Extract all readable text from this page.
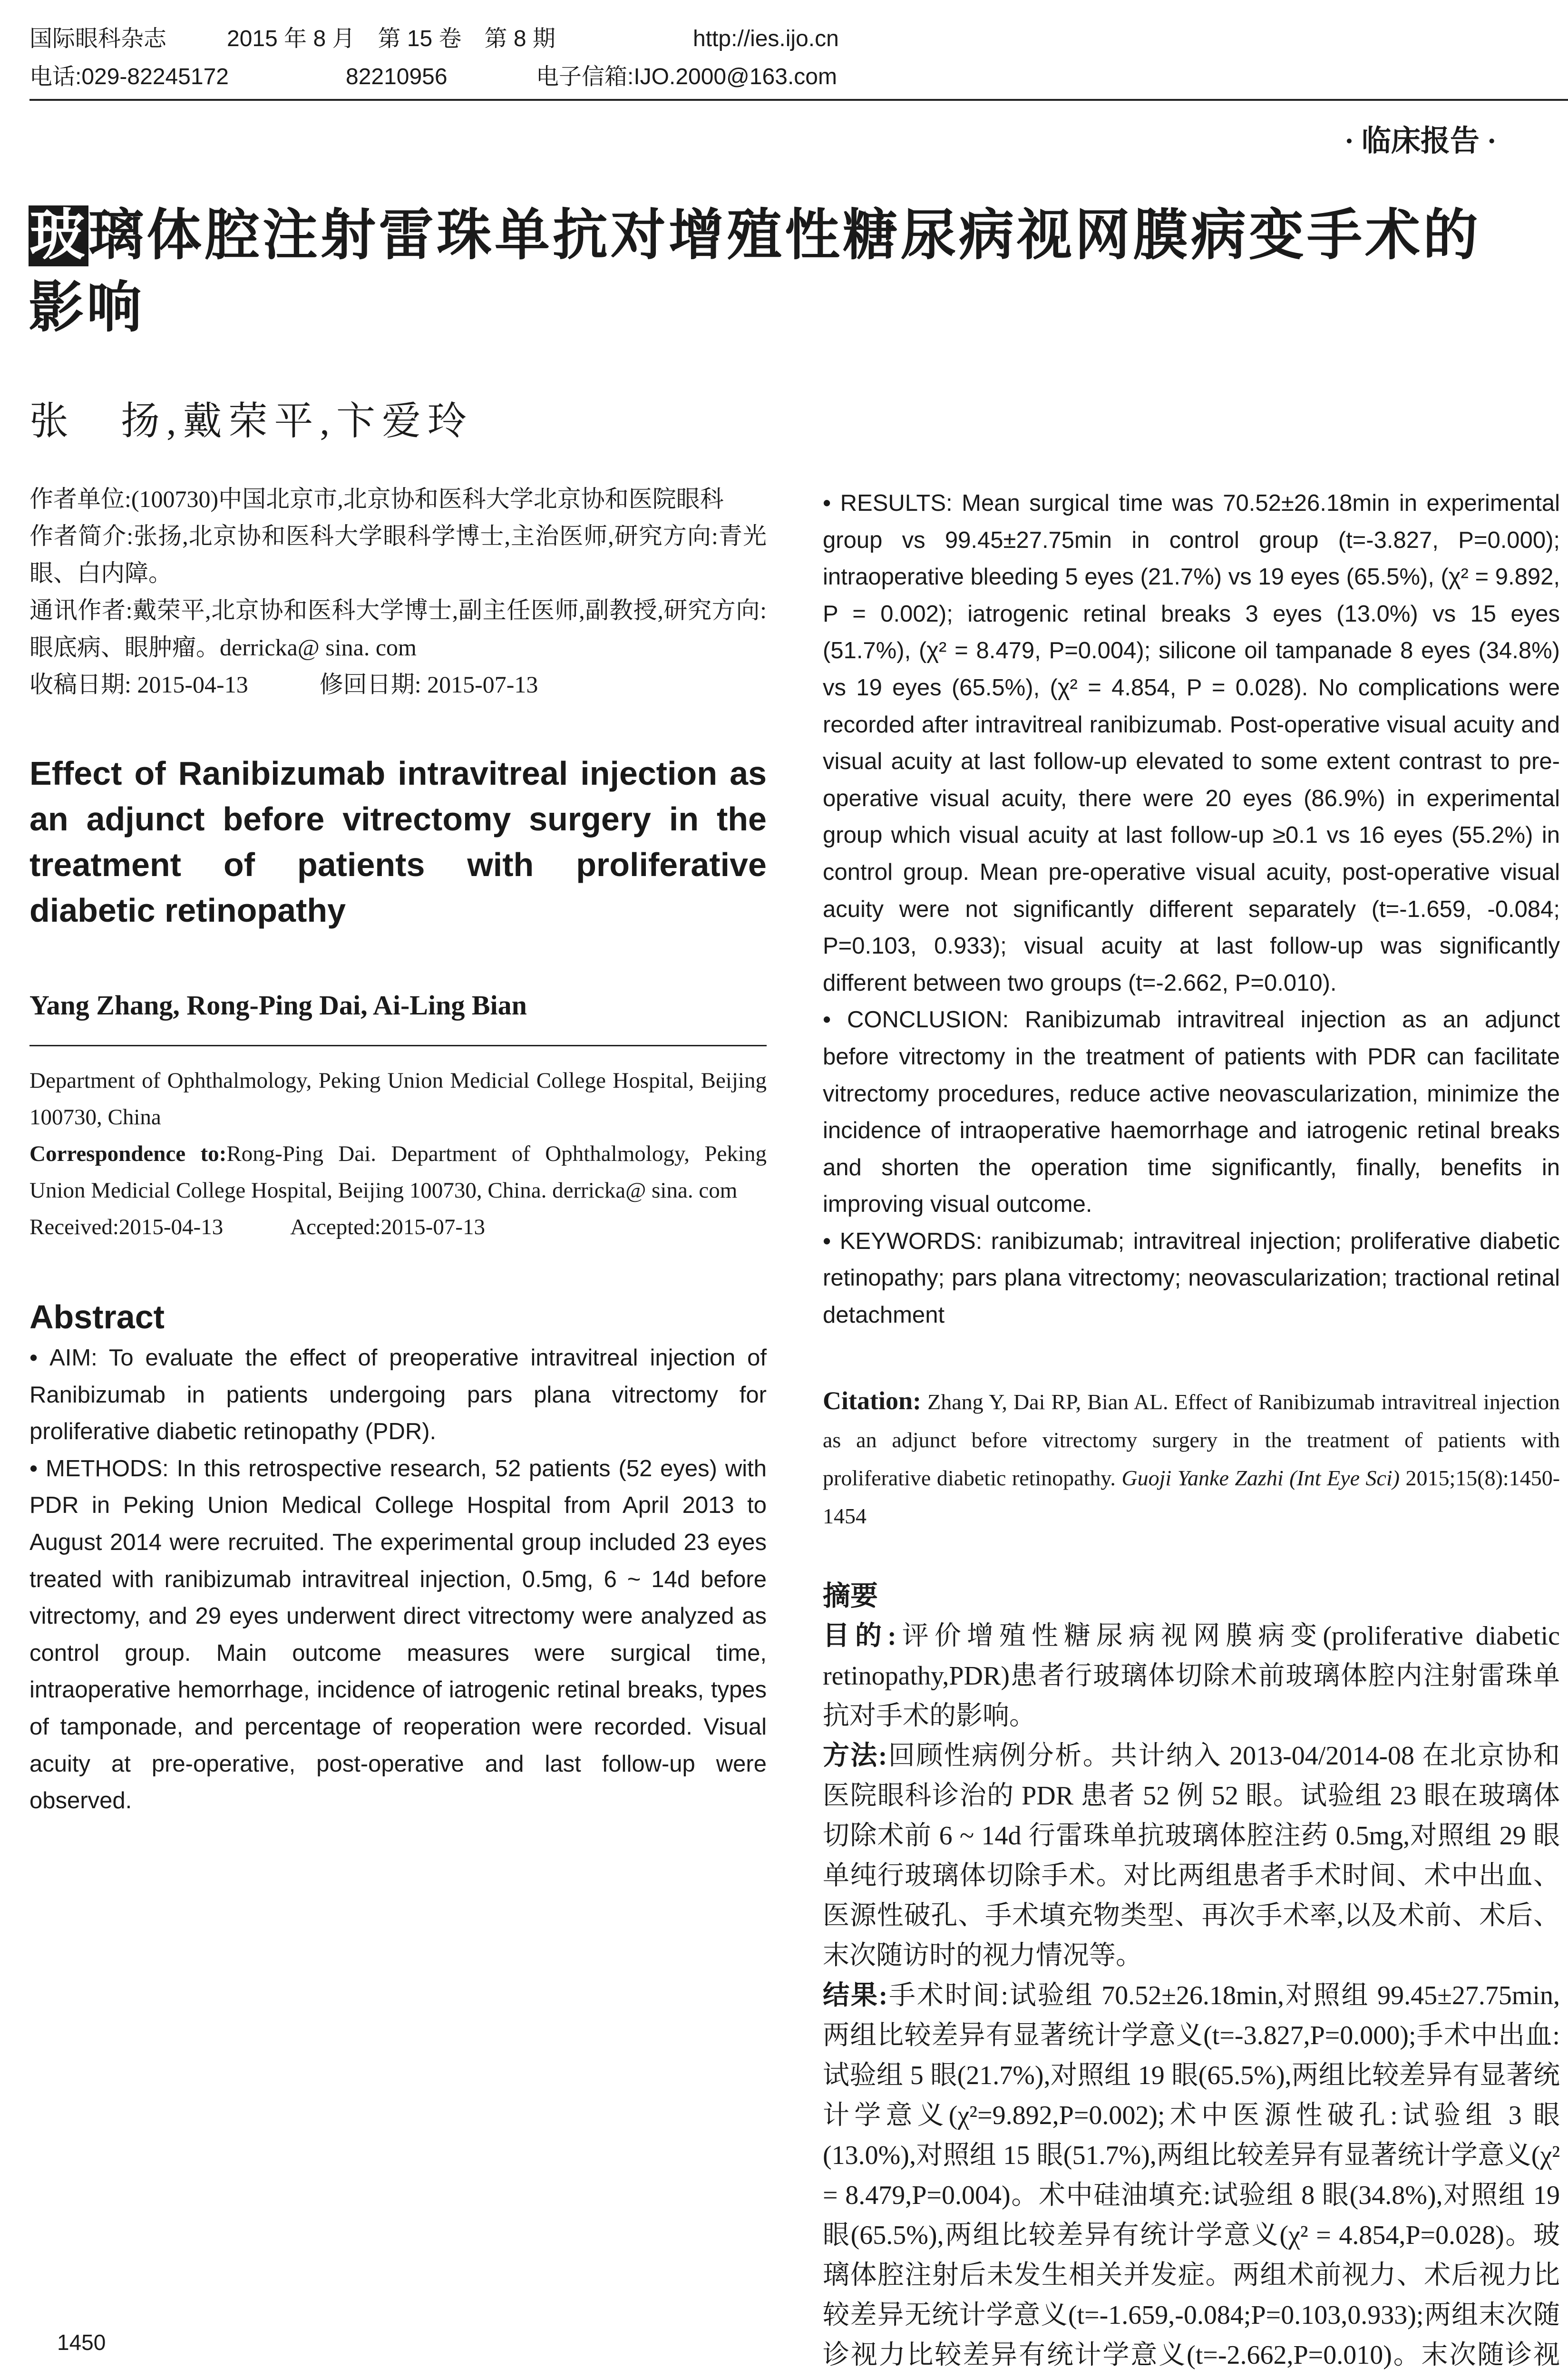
国际眼科杂志	2015 年 8 月　第 15 卷　第 8 期	http://ies.ijo.cn
电话:029-82245172	82210956	电子信箱:IJO.2000@163.com
· 临床报告 ·
玻璃体腔注射雷珠单抗对增殖性糖尿病视网膜病变手术的影响
张　扬,戴荣平,卞爱玲

作者单位:(100730)中国北京市,北京协和医科大学北京协和医院眼科

作者简介:张扬,北京协和医科大学眼科学博士,主治医师,研究方向:青光眼、白内障。

通讯作者:戴荣平,北京协和医科大学博士,副主任医师,副教授,研究方向:眼底病、眼肿瘤。derricka@ sina. com

收稿日期: 2015-04-13　　　修回日期: 2015-07-13

Effect of Ranibizumab intravitreal injection as an adjunct before vitrectomy surgery in the treatment of patients with proliferative diabetic retinopathy
Yang Zhang, Rong-Ping Dai, Ai-Ling Bian

Department of Ophthalmology, Peking Union Medicial College Hospital, Beijing 100730, China

Correspondence to:Rong-Ping Dai. Department of Ophthalmology, Peking Union Medicial College Hospital, Beijing 100730, China. derricka@ sina. com

Received:2015-04-13　　　Accepted:2015-07-13

Abstract

• AIM: To evaluate the effect of preoperative intravitreal injection of Ranibizumab in patients undergoing pars plana vitrectomy for proliferative diabetic retinopathy (PDR).

• METHODS: In this retrospective research, 52 patients (52 eyes) with PDR in Peking Union Medical College Hospital from April 2013 to August 2014 were recruited. The experimental group included 23 eyes treated with ranibizumab intravitreal injection, 0.5mg, 6 ~ 14d before vitrectomy, and 29 eyes underwent direct vitrectomy were analyzed as control group. Main outcome measures were surgical time, intraoperative hemorrhage, incidence of iatrogenic retinal breaks, types of tamponade, and percentage of reoperation were recorded. Visual acuity at pre-operative, post-operative and last follow-up were observed.

• RESULTS: Mean surgical time was 70.52±26.18min in experimental group vs 99.45±27.75min in control group (t=-3.827, P=0.000); intraoperative bleeding 5 eyes (21.7%) vs 19 eyes (65.5%), (χ² = 9.892, P = 0.002); iatrogenic retinal breaks 3 eyes (13.0%) vs 15 eyes (51.7%), (χ² = 8.479, P=0.004); silicone oil tampanade 8 eyes (34.8%) vs 19 eyes (65.5%), (χ² = 4.854, P = 0.028). No complications were recorded after intravitreal ranibizumab. Post-operative visual acuity and visual acuity at last follow-up elevated to some extent contrast to pre-operative visual acuity, there were 20 eyes (86.9%) in experimental group which visual acuity at last follow-up ≥0.1 vs 16 eyes (55.2%) in control group. Mean pre-operative visual acuity, post-operative visual acuity were not significantly different separately (t=-1.659, -0.084; P=0.103, 0.933); visual acuity at last follow-up was significantly different between two groups (t=-2.662, P=0.010).

• CONCLUSION: Ranibizumab intravitreal injection as an adjunct before vitrectomy in the treatment of patients with PDR can facilitate vitrectomy procedures, reduce active neovascularization, minimize the incidence of intraoperative haemorrhage and iatrogenic retinal breaks and shorten the operation time significantly, finally, benefits in improving visual outcome.

• KEYWORDS: ranibizumab; intravitreal injection; proliferative diabetic retinopathy; pars plana vitrectomy; neovascularization; tractional retinal detachment

Citation: Zhang Y, Dai RP, Bian AL. Effect of Ranibizumab intravitreal injection as an adjunct before vitrectomy surgery in the treatment of patients with proliferative diabetic retinopathy. Guoji Yanke Zazhi (Int Eye Sci) 2015;15(8):1450-1454

摘要

目的:评价增殖性糖尿病视网膜病变(proliferative diabetic retinopathy,PDR)患者行玻璃体切除术前玻璃体腔内注射雷珠单抗对手术的影响。

方法:回顾性病例分析。共计纳入 2013-04/2014-08 在北京协和医院眼科诊治的 PDR 患者 52 例 52 眼。试验组 23 眼在玻璃体切除术前 6 ~ 14d 行雷珠单抗玻璃体腔注药 0.5mg,对照组 29 眼单纯行玻璃体切除手术。对比两组患者手术时间、术中出血、医源性破孔、手术填充物类型、再次手术率,以及术前、术后、末次随访时的视力情况等。

结果:手术时间:试验组 70.52±26.18min,对照组 99.45±27.75min,两组比较差异有显著统计学意义(t=-3.827,P=0.000);手术中出血:试验组 5 眼(21.7%),对照组 19 眼(65.5%),两组比较差异有显著统计学意义(χ²=9.892,P=0.002);术中医源性破孔:试验组 3 眼(13.0%),对照组 15 眼(51.7%),两组比较差异有显著统计学意义(χ² = 8.479,P=0.004)。术中硅油填充:试验组 8 眼(34.8%),对照组 19 眼(65.5%),两组比较差异有统计学意义(χ² = 4.854,P=0.028)。玻璃体腔注射后未发生相关并发症。两组术前视力、术后视力比较差异无统计学意义(t=-1.659,-0.084;P=0.103,0.933);两组末次随诊视力比较差异有统计学意义(t=-2.662,P=0.010)。末次随诊视

1450
